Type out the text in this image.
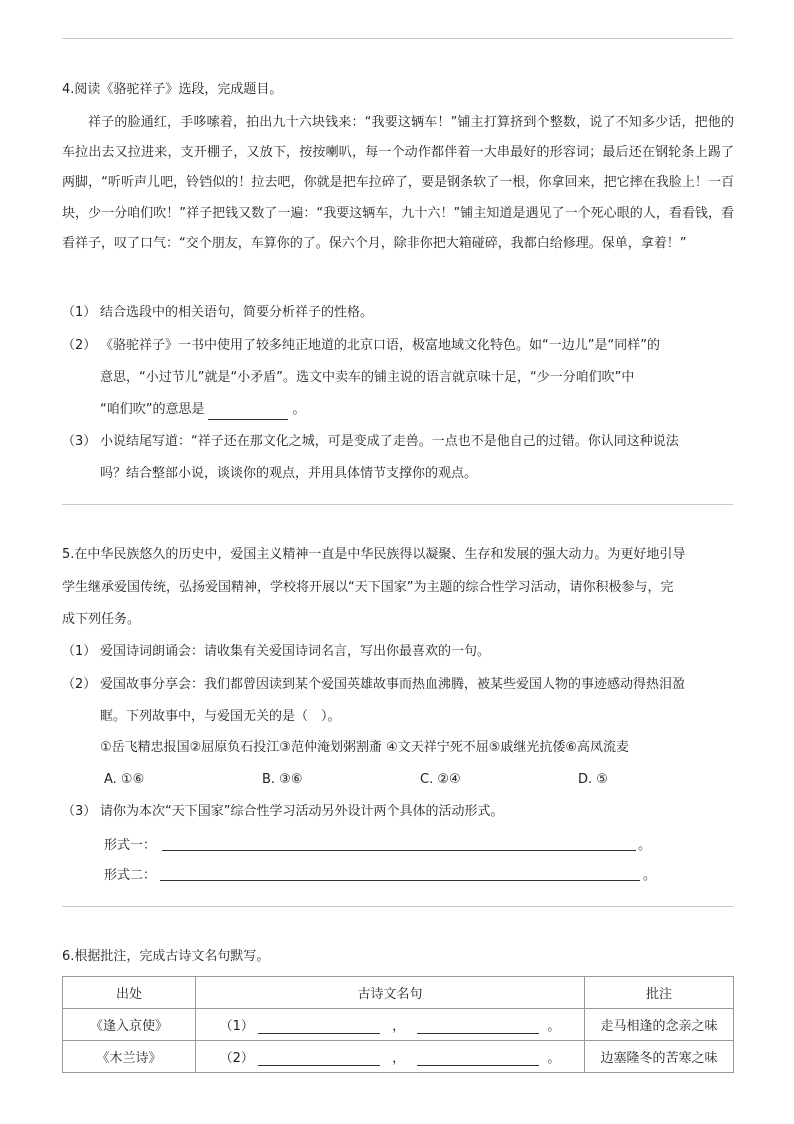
4.阅读《骆驼祥子》选段，完成题目。
祥子的脸通红，手哆嗦着，拍出九十六块钱来：“我要这辆车！”铺主打算挤到个整数，说了不知多少话，把他的车拉出去又拉进来，支开棚子，又放下，按按喇叭，每一个动作都伴着一大串最好的形容词；最后还在钢轮条上踢了两脚，“听听声儿吧，铃铛似的！拉去吧，你就是把车拉碎了，要是钢条软了一根，你拿回来，把它摔在我脸上！一百块，少一分咱们吹！”祥子把钱又数了一遍：“我要这辆车，九十六！”铺主知道是遇见了一个死心眼的人，看看钱，看看祥子，叹了口气：“交个朋友，车算你的了。保六个月，除非你把大箱碰碎，我都白给修理。保单，拿着！”
（1） 结合选段中的相关语句，简要分析祥子的性格。
（2） 《骆驼祥子》一书中使用了较多纯正地道的北京口语，极富地域文化特色。如“一边儿”是“同样”的
意思，“小过节儿”就是“小矛盾”。选文中卖车的铺主说的语言就京味十足，“少一分咱们吹”中
“咱们吹”的意思是	。
（3） 小说结尾写道：“祥子还在那文化之城，可是变成了走兽。一点也不是他自己的过错。你认同这种说法
吗？结合整部小说，谈谈你的观点，并用具体情节支撑你的观点。
5.在中华民族悠久的历史中，爱国主义精神一直是中华民族得以凝聚、生存和发展的强大动力。为更好地引导
学生继承爱国传统，弘扬爱国精神，学校将开展以“天下国家”为主题的综合性学习活动，请你积极参与，完
成下列任务。
（1） 爱国诗词朗诵会：请收集有关爱国诗词名言，写出你最喜欢的一句。
（2） 爱国故事分享会：我们都曾因读到某个爱国英雄故事而热血沸腾，被某些爱国人物的事迹感动得热泪盈
眶。下列故事中，与爱国无关的是（　）。
①岳飞精忠报国②屈原负石投江③范仲淹划粥割齑 ④文天祥宁死不屈⑤戚继光抗倭⑥高凤流麦
A. ①⑥	B. ③⑥	C. ②④	D. ⑤
（3） 请你为本次“天下国家”综合性学习活动另外设计两个具体的活动形式。
形式一：	。
形式二：	。
6.根据批注，完成古诗文名句默写。
出处	古诗文名句	批注
《逢入京使》	（1） ， 。	走马相逢的念亲之味
《木兰诗》	（2） ， 。	边塞隆冬的苦寒之味
